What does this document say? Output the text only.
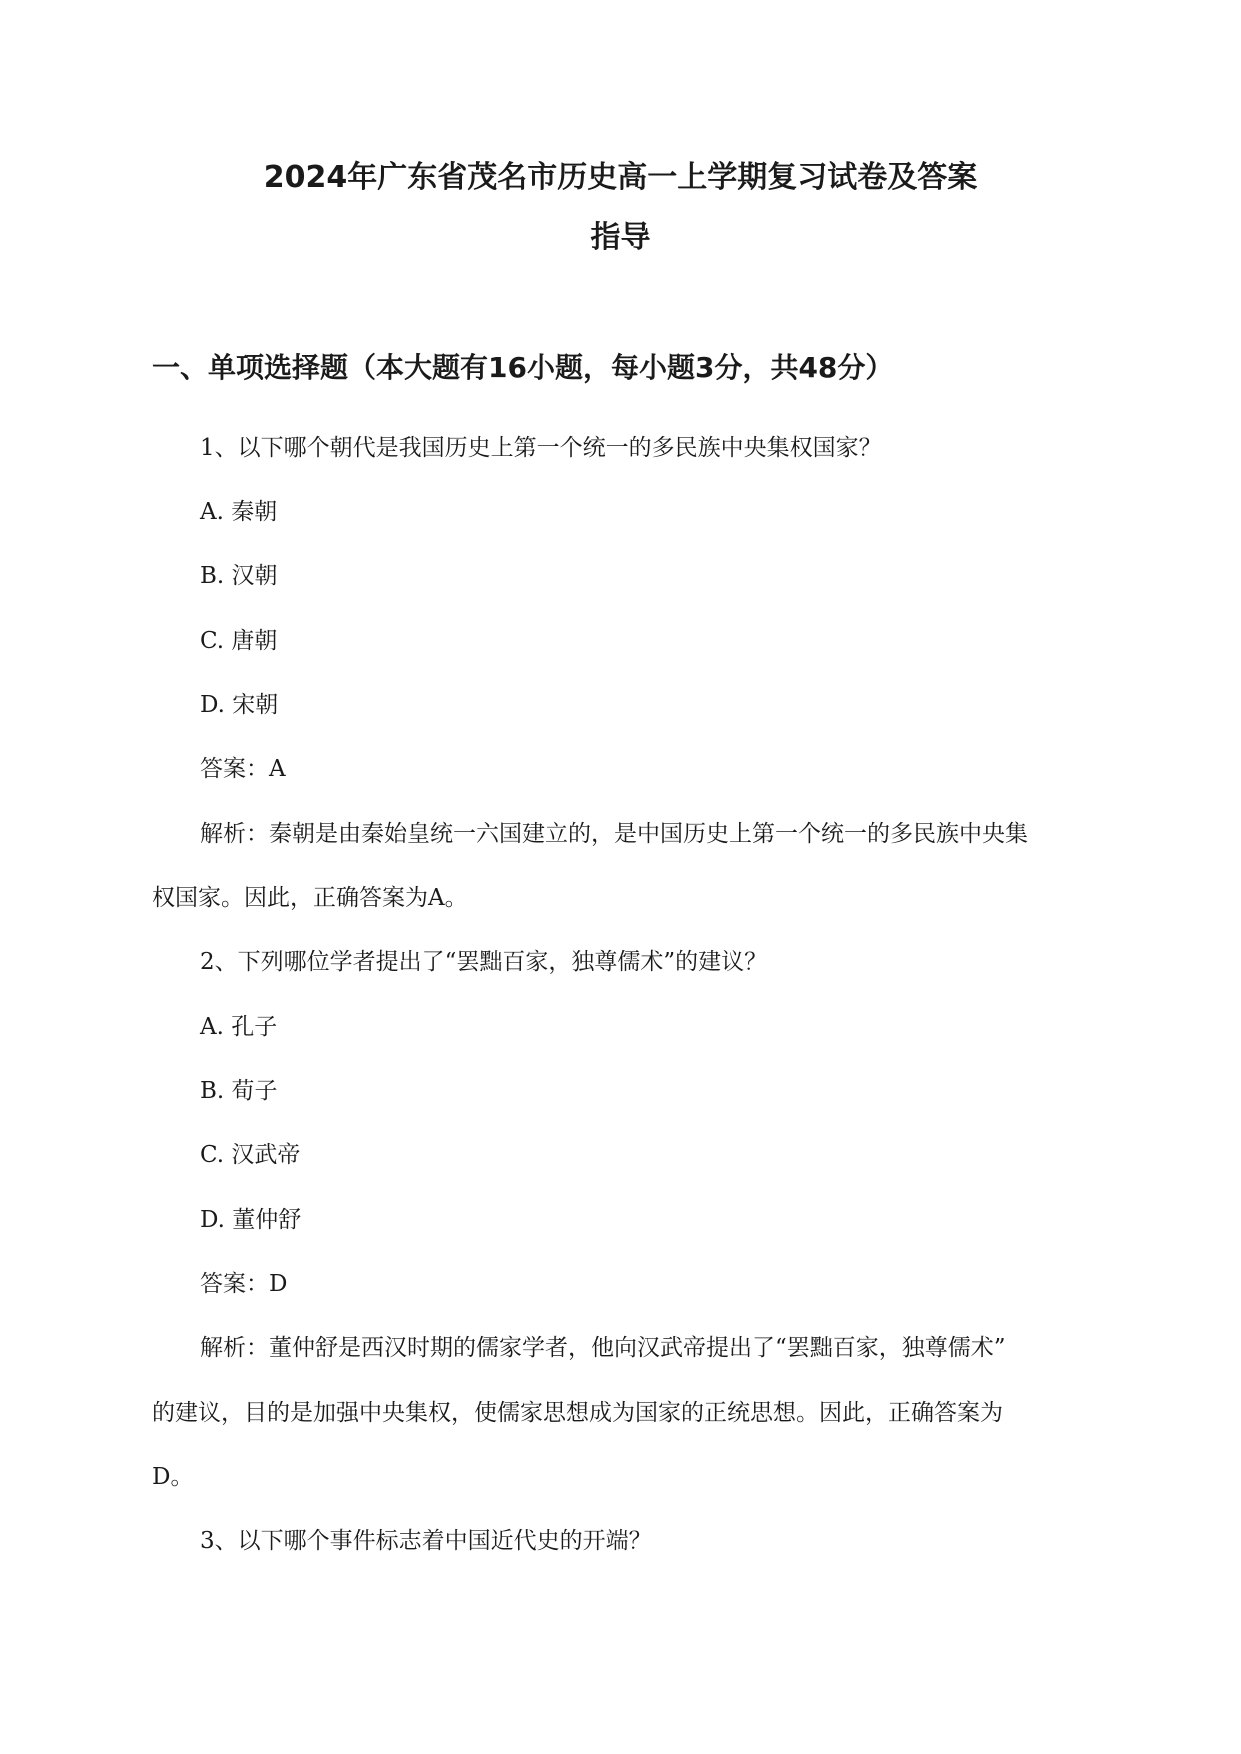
2024年广东省茂名市历史高一上学期复习试卷及答案
指导
一、单项选择题（本大题有16小题，每小题3分，共48分）

1、以下哪个朝代是我国历史上第一个统一的多民族中央集权国家？

A. 秦朝

B. 汉朝

C. 唐朝

D. 宋朝

答案：A

解析：秦朝是由秦始皇统一六国建立的，是中国历史上第一个统一的多民族中央集

权国家。因此，正确答案为A。

2、下列哪位学者提出了“罢黜百家，独尊儒术”的建议？

A. 孔子

B. 荀子

C. 汉武帝

D. 董仲舒

答案：D

解析：董仲舒是西汉时期的儒家学者，他向汉武帝提出了“罢黜百家，独尊儒术”

的建议，目的是加强中央集权，使儒家思想成为国家的正统思想。因此，正确答案为

D。

3、以下哪个事件标志着中国近代史的开端？
